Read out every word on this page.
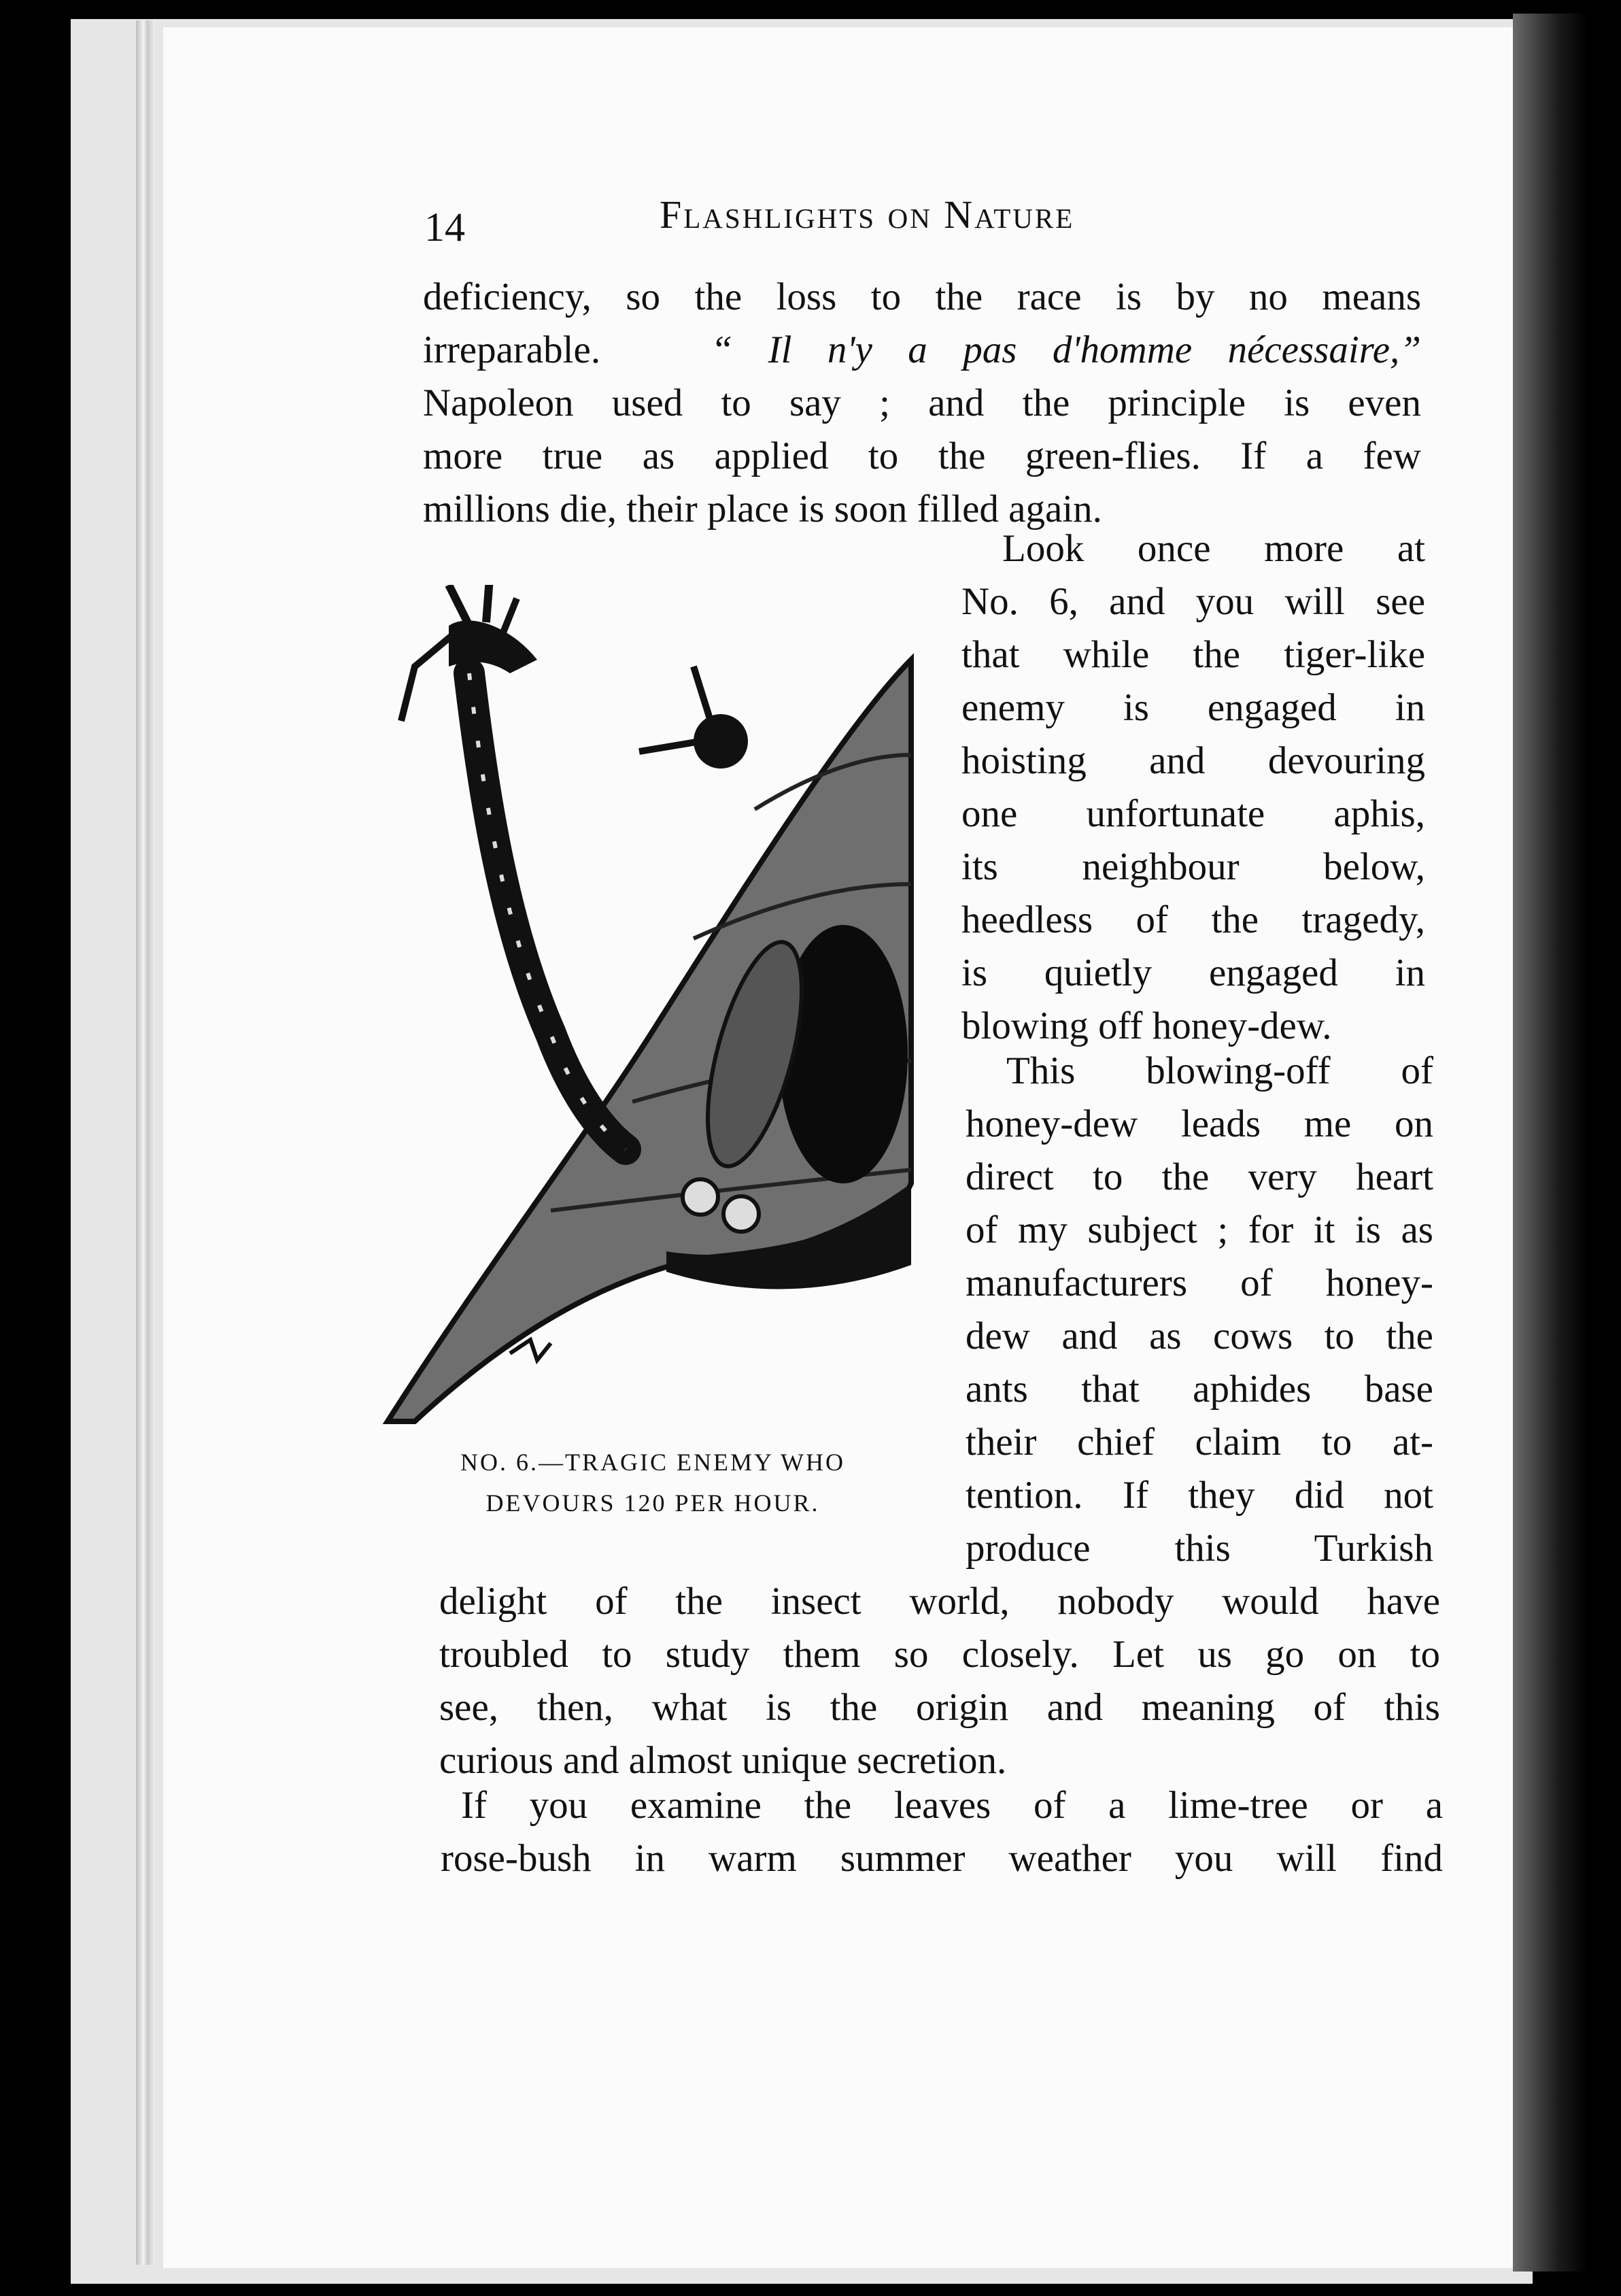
14	Flashlights on Nature
deficiency, so the loss to the race is by no means
irreparable.	“ Il n'y a pas d'homme nécessaire,”
Napoleon used to say ; and the principle is even
more true as applied to the green-flies. If a few
millions die, their place is soon filled again.
Look once more at
No. 6, and you will see
that while the tiger-like
enemy is engaged in
hoisting and devouring
one unfortunate aphis,
its neighbour below,
heedless of the tragedy,
is quietly engaged in
blowing off honey-dew.
This blowing-off of
honey-dew leads me on
direct to the very heart
of my subject ; for it is as
manufacturers of honey-
dew and as cows to the
ants that aphides base
their chief claim to at-
tention. If they did not
produce this Turkish
delight of the insect world, nobody would have
troubled to study them so closely. Let us go on to
see, then, what is the origin and meaning of this
curious and almost unique secretion.
If you examine the leaves of a lime-tree or a
rose-bush in warm summer weather you will find
NO. 6.—TRAGIC ENEMY WHO
DEVOURS 120 PER HOUR.
